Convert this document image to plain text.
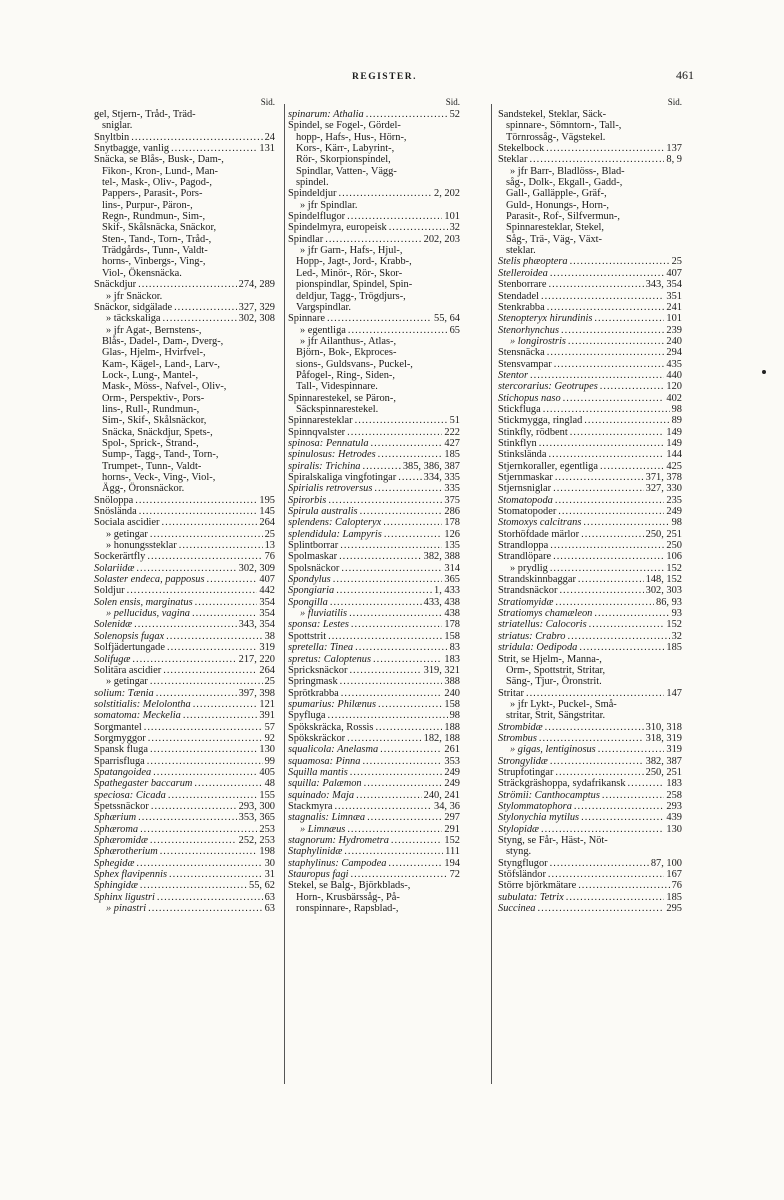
REGISTER.	461
Sid.
gel, Stjern-, Tråd-, Träd-
sniglar.
Snyltbin .....	24
Snytbagge, vanlig .....	131
Snäcka, se Blås-, Busk-, Dam-,
Fikon-, Kron-, Lund-, Man-
tel-, Mask-, Oliv-, Pagod-,
Pappers-, Parasit-, Pors-
lins-, Purpur-, Päron-,
Regn-, Rundmun-, Sim-,
Skif-, Skålsnäcka, Snäckor,
Sten-, Tand-, Torn-, Tråd-,
Trädgårds-, Tunn-, Valdt-
horns-, Vinbergs-, Ving-,
Viol-, Ökensnäcka.
Snäckdjur .....	274, 289
» jfr Snäckor.
Snäckor, sidgälade .....	327, 329
» täckskaliga .....	302, 308
» jfr Agat-, Bernstens-,
Blås-, Dadel-, Dam-, Dverg-,
Glas-, Hjelm-, Hvirfvel-,
Kam-, Kägel-, Land-, Larv-,
Lock-, Lung-, Mantel-,
Mask-, Möss-, Nafvel-, Oliv-,
Orm-, Perspektiv-, Pors-
lins-, Rull-, Rundmun-,
Sim-, Skif-, Skålsnäckor,
Snäcka, Snäckdjur, Spets-,
Spol-, Sprick-, Strand-,
Sump-, Tagg-, Tand-, Torn-,
Trumpet-, Tunn-, Valdt-
horns-, Veck-, Ving-, Viol-,
Ägg-, Öronsnäckor.
Snöloppa .....	195
Snöslända .....	145
Sociala ascidier .....	264
» getingar .....	25
» honungssteklar .....	13
Sockerärtfly .....	76
Solariidæ .....	302, 309
Solaster endeca, papposus .....	407
Soldjur .....	442
Solen ensis, marginatus .....	354
» pellucidus, vagina .....	354
Solenidæ .....	343, 354
Solenopsis fugax .....	38
Solfjädertungade .....	319
Solifugæ .....	217, 220
Solitära ascidier .....	264
» getingar .....	25
solium: Tænia .....	397, 398
solstitialis: Melolontha .....	121
somatoma: Meckelia .....	391
Sorgmantel .....	57
Sorgmyggor .....	92
Spansk fluga .....	130
Sparrisfluga .....	99
Spatangoidea .....	405
Spathegaster baccarum .....	48
speciosa: Cicada .....	155
Spetssnäckor .....	293, 300
Sphærium .....	353, 365
Sphæroma .....	253
Sphæromidæ .....	252, 253
Sphærotherium .....	198
Sphegidæ .....	30
Sphex flavipennis .....	31
Sphingidæ .....	55, 62
Sphinx ligustri .....	63
» pinastri .....	63
Sid.
spinarum: Athalia .....	52
Spindel, se Fogel-, Gördel-
hopp-, Hafs-, Hus-, Hörn-,
Kors-, Kärr-, Labyrint-,
Rör-, Skorpionspindel,
Spindlar, Vatten-, Vägg-
spindel.
Spindeldjur .....	2, 202
» jfr Spindlar.
Spindelflugor .....	101
Spindelmyra, europeisk .....	32
Spindlar .....	202, 203
» jfr Garn-, Hafs-, Hjul-,
Hopp-, Jagt-, Jord-, Krabb-,
Led-, Minör-, Rör-, Skor-
pionspindlar, Spindel, Spin-
deldjur, Tagg-, Trögdjurs-,
Vargspindlar.
Spinnare .....	55, 64
» egentliga .....	65
» jfr Ailanthus-, Atlas-,
Björn-, Bok-, Ekproces-
sions-, Guldsvans-, Puckel-,
Påfogel-, Ring-, Siden-,
Tall-, Videspinnare.
Spinnarestekel, se Päron-,
Säckspinnarestekel.
Spinnaresteklar .....	51
Spinnqvalster .....	222
spinosa: Pennatula .....	427
spinulosus: Hetrodes .....	185
spiralis: Trichina .....	385, 386, 387
Spiralskaliga vingfotingar .....	334, 335
Spirialis retroversus .....	335
Spirorbis .....	375
Spirula australis .....	286
splendens: Calopteryx .....	178
splendidula: Lampyris .....	126
Splintborrar .....	135
Spolmaskar .....	382, 388
Spolsnäckor .....	314
Spondylus .....	365
Spongiaria .....	1, 433
Spongilla .....	433, 438
» fluviatilis .....	438
sponsa: Lestes .....	178
Spottstrit .....	158
spretella: Tinea .....	83
spretus: Caloptenus .....	183
Spricksnäckor .....	319, 321
Springmask .....	388
Sprötkrabba .....	240
spumarius: Philænus .....	158
Spyfluga .....	98
Spökskräcka, Rossis .....	188
Spökskräckor .....	182, 188
squalicola: Anelasma .....	261
squamosa: Pinna .....	353
Squilla mantis .....	249
squilla: Palæmon .....	249
squinado: Maja .....	240, 241
Stackmyra .....	34, 36
stagnalis: Limnæa .....	297
» Limnæus .....	291
stagnorum: Hydrometra .....	152
Staphylinidæ .....	111
staphylinus: Campodea .....	194
Stauropus fagi .....	72
Stekel, se Balg-, Björkblads-,
Horn-, Krusbärssåg-, På-
ronspinnare-, Rapsblad-,
Sid.
Sandstekel, Steklar, Säck-
spinnare-, Sömntorn-, Tall-,
Törnrossåg-, Vägstekel.
Stekelbock .....	137
Steklar .....	8, 9
» jfr Barr-, Bladlöss-, Blad-
såg-, Dolk-, Ekgall-, Gadd-,
Gall-, Galläpple-, Gräf-,
Guld-, Honungs-, Horn-,
Parasit-, Rof-, Silfvermun-,
Spinnaresteklar, Stekel,
Såg-, Trä-, Väg-, Växt-
steklar.
Stelis phæoptera .....	25
Stelleroidea .....	407
Stenborrare .....	343, 354
Stendadel .....	351
Stenkrabba .....	241
Stenopteryx hirundinis .....	101
Stenorhynchus .....	239
» longirostris .....	240
Stensnäcka .....	294
Stensvampar .....	435
Stentor .....	440
stercorarius: Geotrupes .....	120
Stichopus naso .....	402
Stickfluga .....	98
Stickmygga, ringlad .....	89
Stinkfly, rödbent .....	149
Stinkflyn .....	149
Stinkslända .....	144
Stjernkoraller, egentliga .....	425
Stjernmaskar .....	371, 378
Stjernsniglar .....	327, 330
Stomatopoda .....	235
Stomatopoder .....	249
Stomoxys calcitrans .....	98
Storhöfdade märlor .....	250, 251
Strandloppa .....	250
Strandlöpare .....	106
» prydlig .....	152
Strandskinnbaggar .....	148, 152
Strandsnäckor .....	302, 303
Stratiomyidæ .....	86, 93
Stratiomys chamæleon .....	93
striatellus: Calocoris .....	152
striatus: Crabro .....	32
stridula: Oedipoda .....	185
Strit, se Hjelm-, Manna-,
Orm-, Spottstrit, Stritar,
Säng-, Tjur-, Öronstrit.
Stritar .....	147
» jfr Lykt-, Puckel-, Små-
stritar, Strit, Sängstritar.
Strombidæ .....	310, 318
Strombus .....	318, 319
» gigas, lentiginosus .....	319
Strongylidæ .....	382, 387
Strupfotingar .....	250, 251
Sträckgräshoppa, sydafrikansk .....	183
Strömii: Canthocamptus .....	258
Stylommatophora .....	293
Stylonychia mytilus .....	439
Stylopidæ .....	130
Styng, se Får-, Häst-, Nöt-
styng.
Styngflugor .....	87, 100
Stöfsländor .....	167
Större björkmätare .....	76
subulata: Tetrix .....	185
Succinea .....	295
